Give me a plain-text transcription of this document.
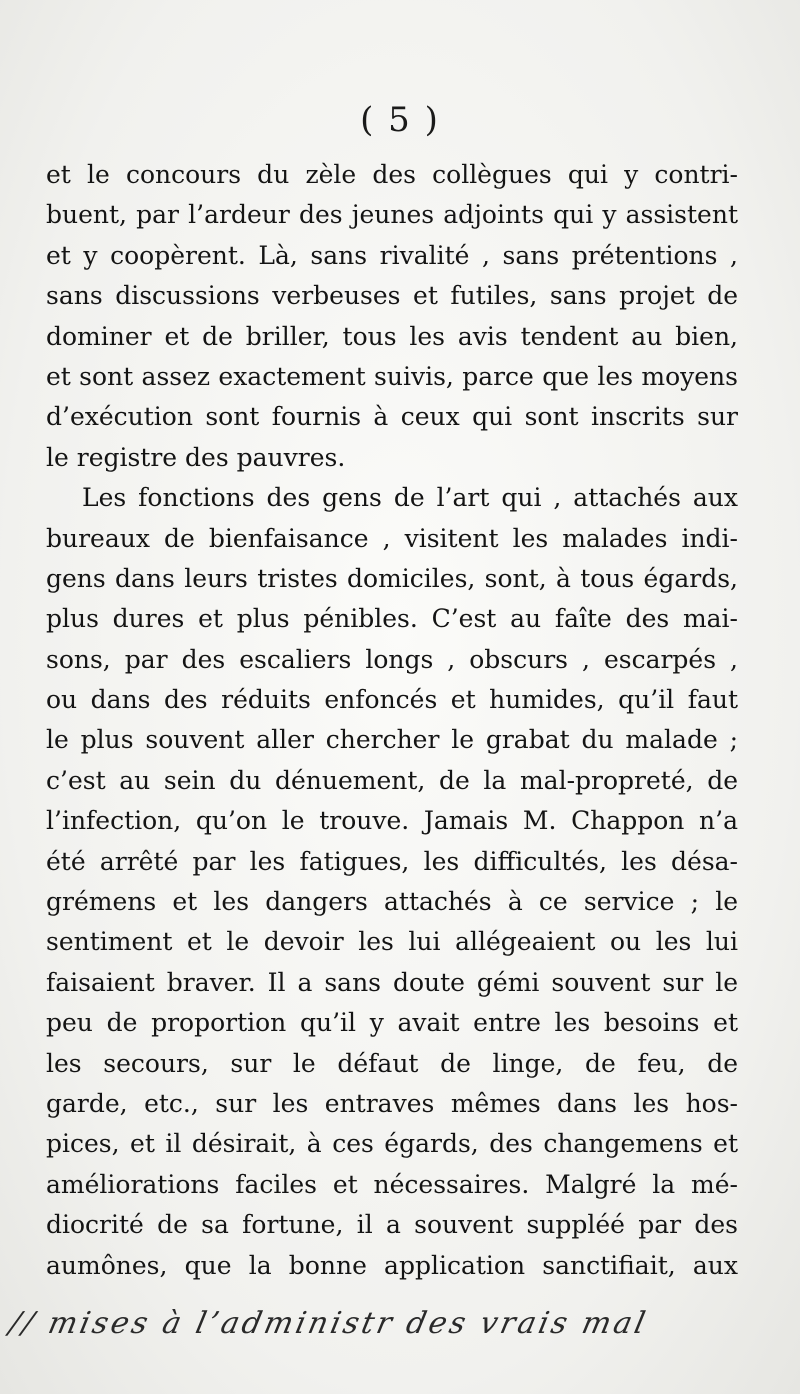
( 5 )
et le concours du zèle des collègues qui y contri-
buent, par l’ardeur des jeunes adjoints qui y assistent
et y coopèrent. Là, sans rivalité , sans prétentions ,
sans discussions verbeuses et futiles, sans projet de
dominer et de briller, tous les avis tendent au bien,
et sont assez exactement suivis, parce que les moyens
d’exécution sont fournis à ceux qui sont inscrits sur
le registre des pauvres.
Les fonctions des gens de l’art qui , attachés aux
bureaux de bienfaisance , visitent les malades indi-
gens dans leurs tristes domiciles, sont, à tous égards,
plus dures et plus pénibles. C’est au faîte des mai-
sons, par des escaliers longs , obscurs , escarpés ,
ou dans des réduits enfoncés et humides, qu’il faut
le plus souvent aller chercher le grabat du malade ;
c’est au sein du dénuement, de la mal-propreté, de
l’infection, qu’on le trouve. Jamais M. Chappon n’a
été arrêté par les fatigues, les difficultés, les désa-
grémens et les dangers attachés à ce service ; le
sentiment et le devoir les lui allégeaient ou les lui
faisaient braver. Il a sans doute gémi souvent sur le
peu de proportion qu’il y avait entre les besoins et
les secours, sur le défaut de linge, de feu, de
garde, etc., sur les entraves mêmes dans les hos-
pices, et il désirait, à ces égards, des changemens et
améliorations faciles et nécessaires. Malgré la mé-
diocrité de sa fortune, il a souvent suppléé par des
aumônes, que la bonne application sanctifiait, aux
// mises à l’administr des vrais mal
